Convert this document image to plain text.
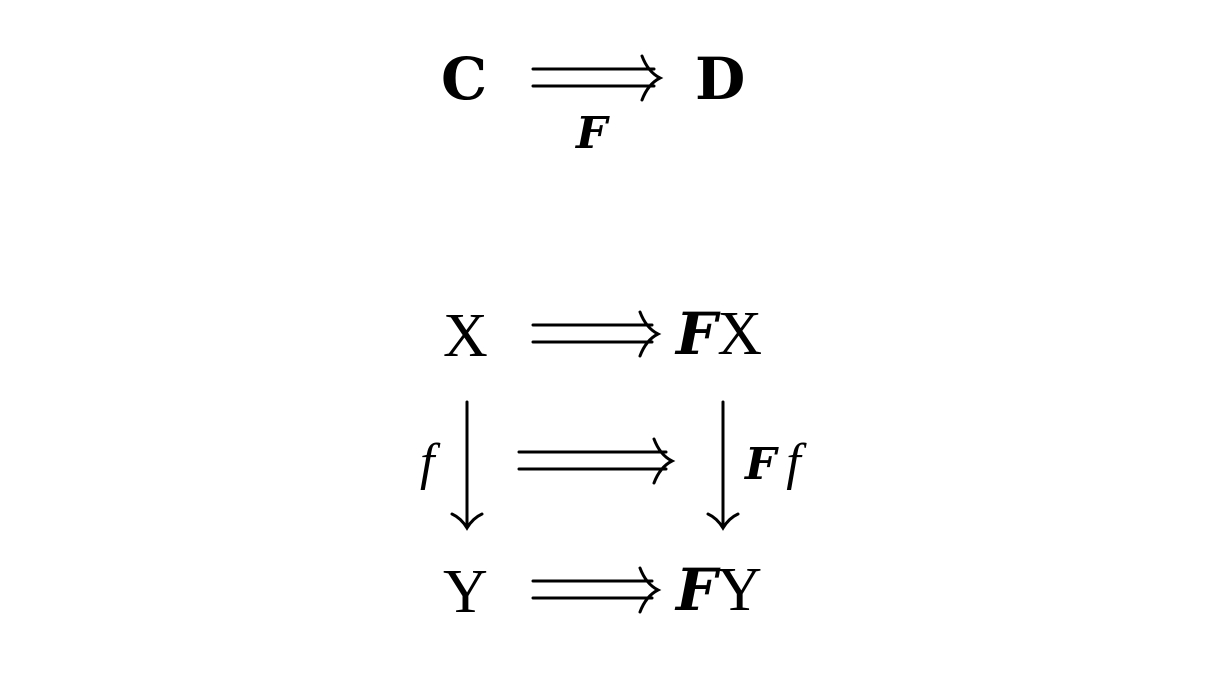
C	D
F
X	FX
f	F f
Y	FY
